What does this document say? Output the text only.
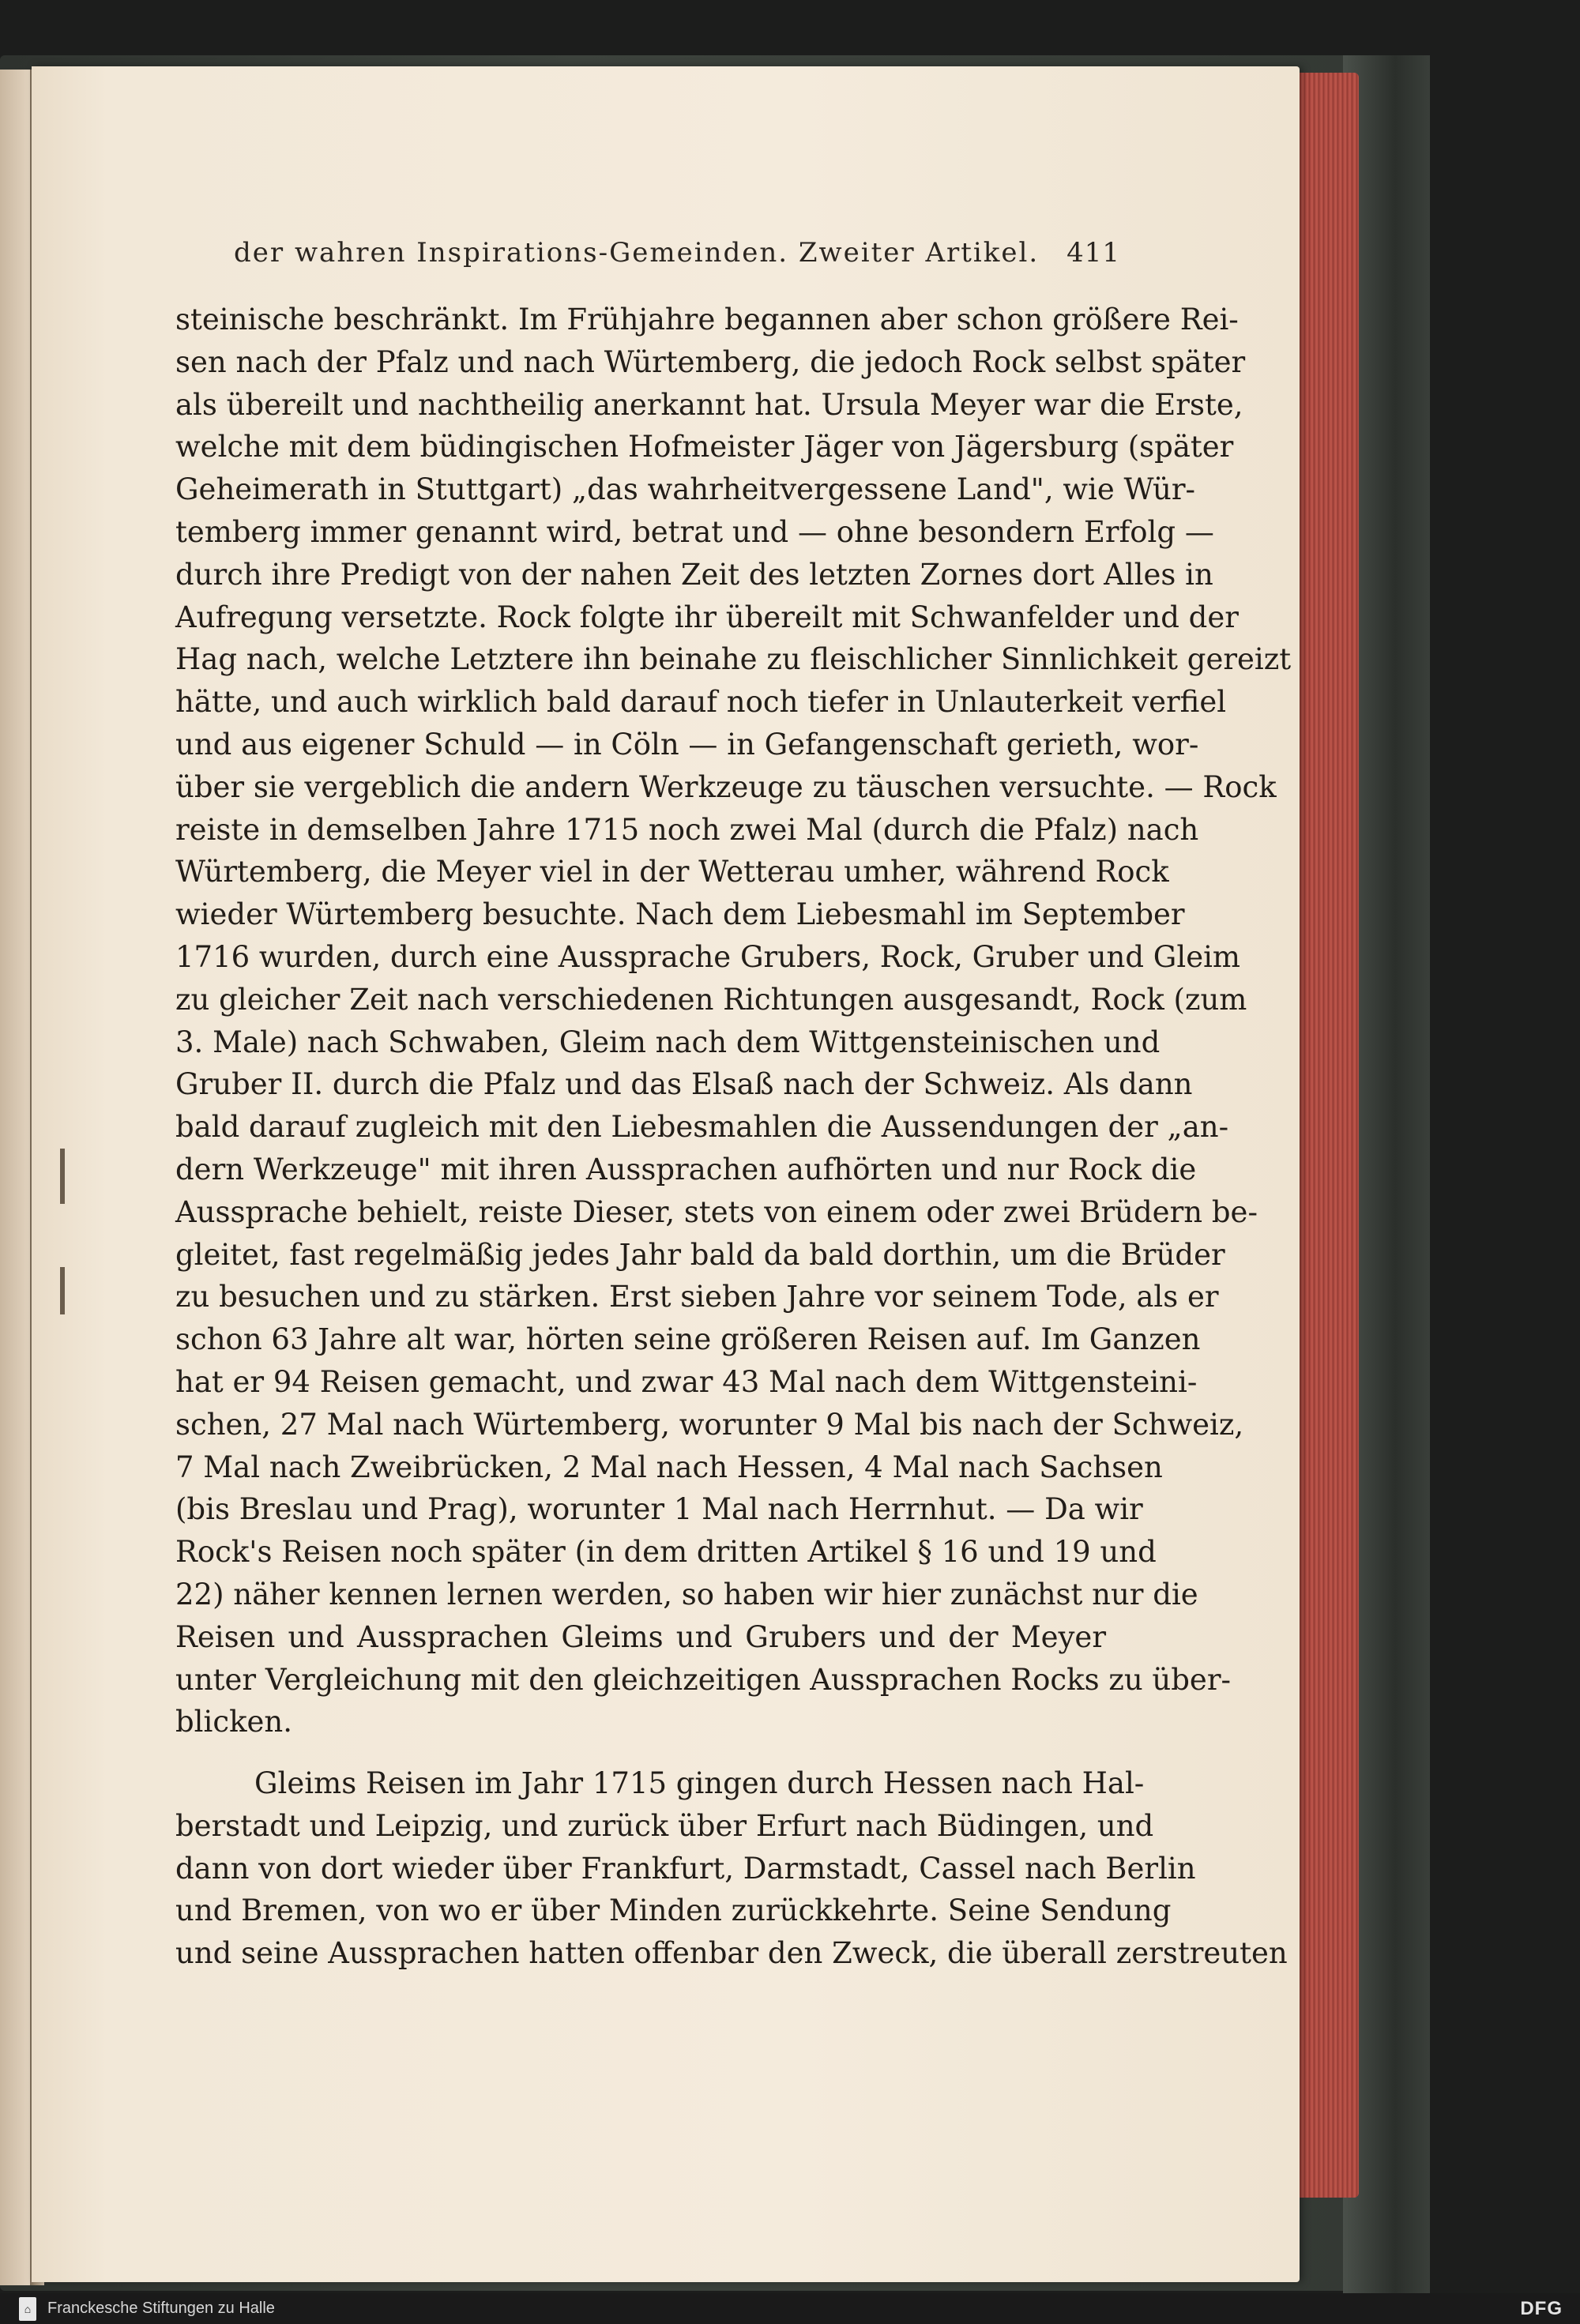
der wahren Inspirations-Gemeinden. Zweiter Artikel. 411
steinische beschränkt. Im Frühjahre begannen aber schon größere Rei-
sen nach der Pfalz und nach Würtemberg, die jedoch Rock selbst später
als übereilt und nachtheilig anerkannt hat. Ursula Meyer war die Erste,
welche mit dem büdingischen Hofmeister Jäger von Jägersburg (später
Geheimerath in Stuttgart) „das wahrheitvergessene Land", wie Wür-
temberg immer genannt wird, betrat und — ohne besondern Erfolg —
durch ihre Predigt von der nahen Zeit des letzten Zornes dort Alles in
Aufregung versetzte. Rock folgte ihr übereilt mit Schwanfelder und der
Hag nach, welche Letztere ihn beinahe zu fleischlicher Sinnlichkeit gereizt
hätte, und auch wirklich bald darauf noch tiefer in Unlauterkeit verfiel
und aus eigener Schuld — in Cöln — in Gefangenschaft gerieth, wor-
über sie vergeblich die andern Werkzeuge zu täuschen versuchte. — Rock
reiste in demselben Jahre 1715 noch zwei Mal (durch die Pfalz) nach
Würtemberg, die Meyer viel in der Wetterau umher, während Rock
wieder Würtemberg besuchte. Nach dem Liebesmahl im September
1716 wurden, durch eine Aussprache Grubers, Rock, Gruber und Gleim
zu gleicher Zeit nach verschiedenen Richtungen ausgesandt, Rock (zum
3. Male) nach Schwaben, Gleim nach dem Wittgensteinischen und
Gruber II. durch die Pfalz und das Elsaß nach der Schweiz. Als dann
bald darauf zugleich mit den Liebesmahlen die Aussendungen der „an-
dern Werkzeuge" mit ihren Aussprachen aufhörten und nur Rock die
Aussprache behielt, reiste Dieser, stets von einem oder zwei Brüdern be-
gleitet, fast regelmäßig jedes Jahr bald da bald dorthin, um die Brüder
zu besuchen und zu stärken. Erst sieben Jahre vor seinem Tode, als er
schon 63 Jahre alt war, hörten seine größeren Reisen auf. Im Ganzen
hat er 94 Reisen gemacht, und zwar 43 Mal nach dem Wittgensteini-
schen, 27 Mal nach Würtemberg, worunter 9 Mal bis nach der Schweiz,
7 Mal nach Zweibrücken, 2 Mal nach Hessen, 4 Mal nach Sachsen
(bis Breslau und Prag), worunter 1 Mal nach Herrnhut. — Da wir
Rock's Reisen noch später (in dem dritten Artikel § 16 und 19 und
22) näher kennen lernen werden, so haben wir hier zunächst nur die
Reisen und Aussprachen Gleims und Grubers und der Meyer
unter Vergleichung mit den gleichzeitigen Aussprachen Rocks zu über-
blicken.
Gleims Reisen im Jahr 1715 gingen durch Hessen nach Hal-
berstadt und Leipzig, und zurück über Erfurt nach Büdingen, und
dann von dort wieder über Frankfurt, Darmstadt, Cassel nach Berlin
und Bremen, von wo er über Minden zurückkehrte. Seine Sendung
und seine Aussprachen hatten offenbar den Zweck, die überall zerstreuten
⌂	Franckesche Stiftungen zu Halle	DFG
